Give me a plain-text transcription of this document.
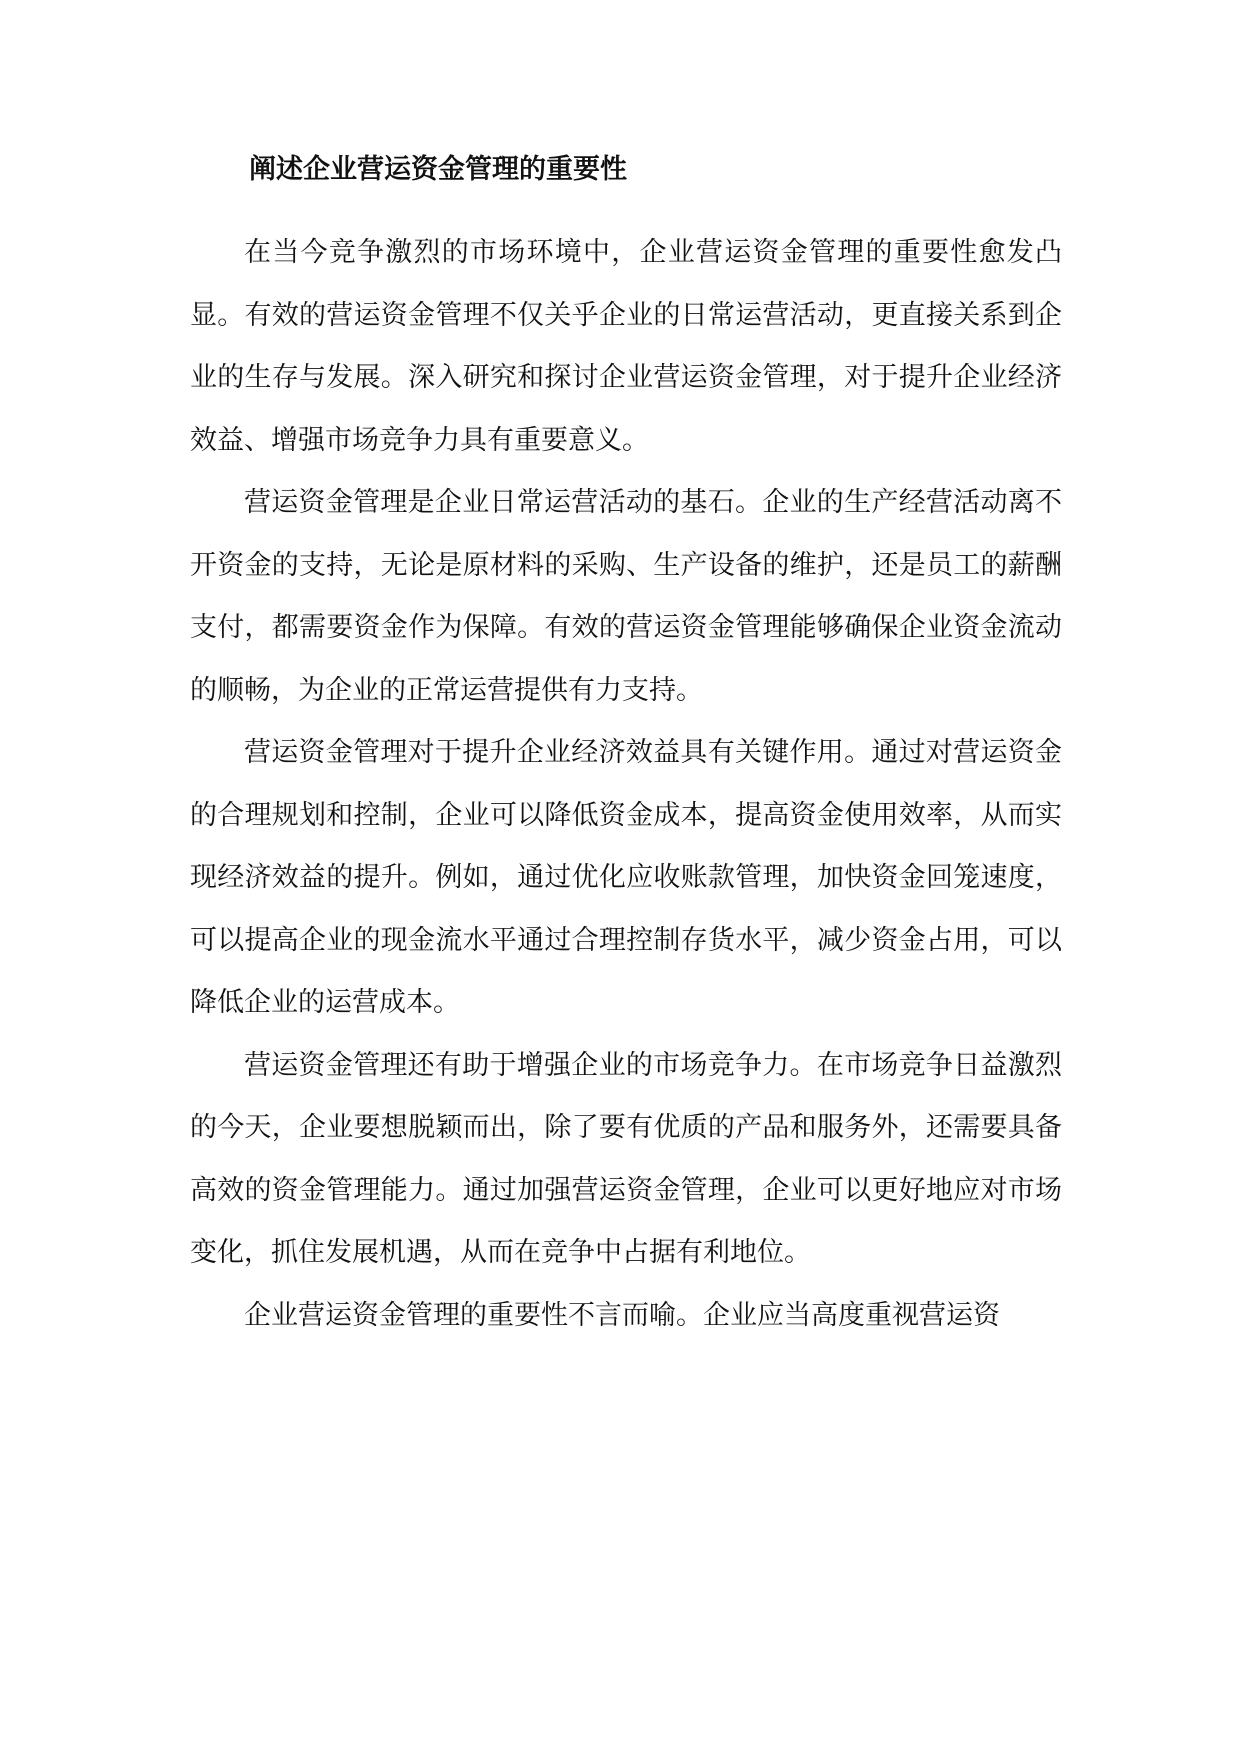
阐述企业营运资金管理的重要性

在当今竞争激烈的市场环境中，企业营运资金管理的重要性愈发凸显。有效的营运资金管理不仅关乎企业的日常运营活动，更直接关系到企业的生存与发展。深入研究和探讨企业营运资金管理，对于提升企业经济效益、增强市场竞争力具有重要意义。

营运资金管理是企业日常运营活动的基石。企业的生产经营活动离不开资金的支持，无论是原材料的采购、生产设备的维护，还是员工的薪酬支付，都需要资金作为保障。有效的营运资金管理能够确保企业资金流动的顺畅，为企业的正常运营提供有力支持。

营运资金管理对于提升企业经济效益具有关键作用。通过对营运资金的合理规划和控制，企业可以降低资金成本，提高资金使用效率，从而实现经济效益的提升。例如，通过优化应收账款管理，加快资金回笼速度，可以提高企业的现金流水平通过合理控制存货水平，减少资金占用，可以降低企业的运营成本。

营运资金管理还有助于增强企业的市场竞争力。在市场竞争日益激烈的今天，企业要想脱颖而出，除了要有优质的产品和服务外，还需要具备高效的资金管理能力。通过加强营运资金管理，企业可以更好地应对市场变化，抓住发展机遇，从而在竞争中占据有利地位。

企业营运资金管理的重要性不言而喻。企业应当高度重视营运资
